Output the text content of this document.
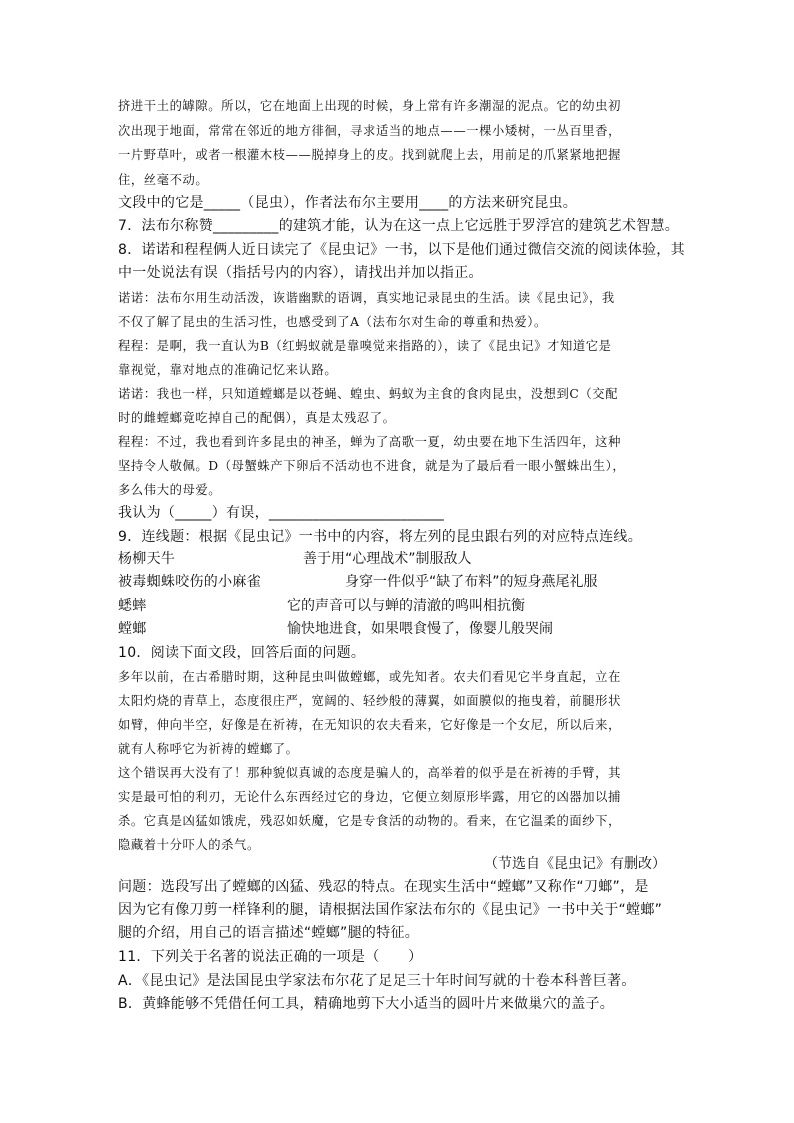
挤进干土的罅隙。所以，它在地面上出现的时候，身上常有许多潮湿的泥点。它的幼虫初
次出现于地面，常常在邻近的地方徘徊，寻求适当的地点——一棵小矮树，一丛百里香，
一片野草叶，或者一根灌木枝——脱掉身上的皮。找到就爬上去，用前足的爪紧紧地把握
住，丝毫不动。
文段中的它是_____（昆虫），作者法布尔主要用____的方法来研究昆虫。
7．法布尔称赞_________的建筑才能，认为在这一点上它远胜于罗浮宫的建筑艺术智慧。
8．诺诺和程程俩人近日读完了《昆虫记》一书，以下是他们通过微信交流的阅读体验，其
中一处说法有误（指括号内的内容），请找出并加以指正。
诺诺：法布尔用生动活泼，诙谐幽默的语调，真实地记录昆虫的生活。读《昆虫记》，我
不仅了解了昆虫的生活习性，也感受到了A（法布尔对生命的尊重和热爱）。
程程：是啊，我一直认为B（红蚂蚁就是靠嗅觉来指路的），读了《昆虫记》才知道它是
靠视觉，靠对地点的准确记忆来认路。
诺诺：我也一样，只知道螳螂是以苍蝇、蝗虫、蚂蚁为主食的食肉昆虫，没想到C（交配
时的雌螳螂竟吃掉自己的配偶），真是太残忍了。
程程：不过，我也看到许多昆虫的神圣，蝉为了高歌一夏，幼虫要在地下生活四年，这种
坚持令人敬佩。D（母蟹蛛产下卵后不活动也不进食，就是为了最后看一眼小蟹蛛出生），
多么伟大的母爱。
我认为（_____）有误，________________________
9．连线题：根据《昆虫记》一书中的内容，将左列的昆虫跟右列的对应特点连线。
杨柳天牛	善于用“心理战术”制服敌人
被毒蜘蛛咬伤的小麻雀	身穿一件似乎“缺了布料”的短身燕尾礼服
蟋蟀	它的声音可以与蝉的清澈的鸣叫相抗衡
螳螂	愉快地进食，如果喂食慢了，像婴儿般哭闹
10．阅读下面文段，回答后面的问题。
多年以前，在古希腊时期，这种昆虫叫做螳螂，或先知者。农夫们看见它半身直起，立在
太阳灼烧的青草上，态度很庄严，宽阔的、轻纱般的薄翼，如面膜似的拖曳着，前腿形状
如臂，伸向半空，好像是在祈祷，在无知识的农夫看来，它好像是一个女尼，所以后来，
就有人称呼它为祈祷的螳螂了。
这个错误再大没有了！那种貌似真诚的态度是骗人的，高举着的似乎是在祈祷的手臂，其
实是最可怕的利刃，无论什么东西经过它的身边，它便立刻原形毕露，用它的凶器加以捕
杀。它真是凶猛如饿虎，残忍如妖魔，它是专食活的动物的。看来，在它温柔的面纱下，
隐藏着十分吓人的杀气。
（节选自《昆虫记》有删改）
问题：选段写出了螳螂的凶猛、残忍的特点。在现实生活中“螳螂”又称作“刀螂”，是
因为它有像刀剪一样锋利的腿，请根据法国作家法布尔的《昆虫记》一书中关于“螳螂”
腿的介绍，用自己的语言描述“螳螂”腿的特征。
11．下列关于名著的说法正确的一项是（　　）
A．《昆虫记》是法国昆虫学家法布尔花了足足三十年时间写就的十卷本科普巨著。
B．黄蜂能够不凭借任何工具，精确地剪下大小适当的圆叶片来做巢穴的盖子。
